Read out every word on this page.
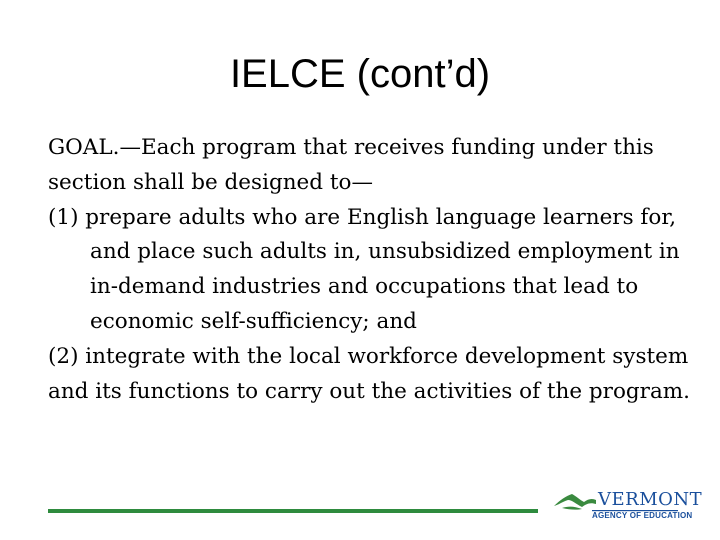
IELCE (cont’d)

GOAL.—Each program that receives funding under this section shall be designed to—

(1) prepare adults who are English language learners for, and place such adults in, unsubsidized employment in in-demand industries and occupations that lead to economic self-sufficiency; and

(2) integrate with the local workforce development system and its functions to carry out the activities of the program.

VERMONT
AGENCY OF EDUCATION
